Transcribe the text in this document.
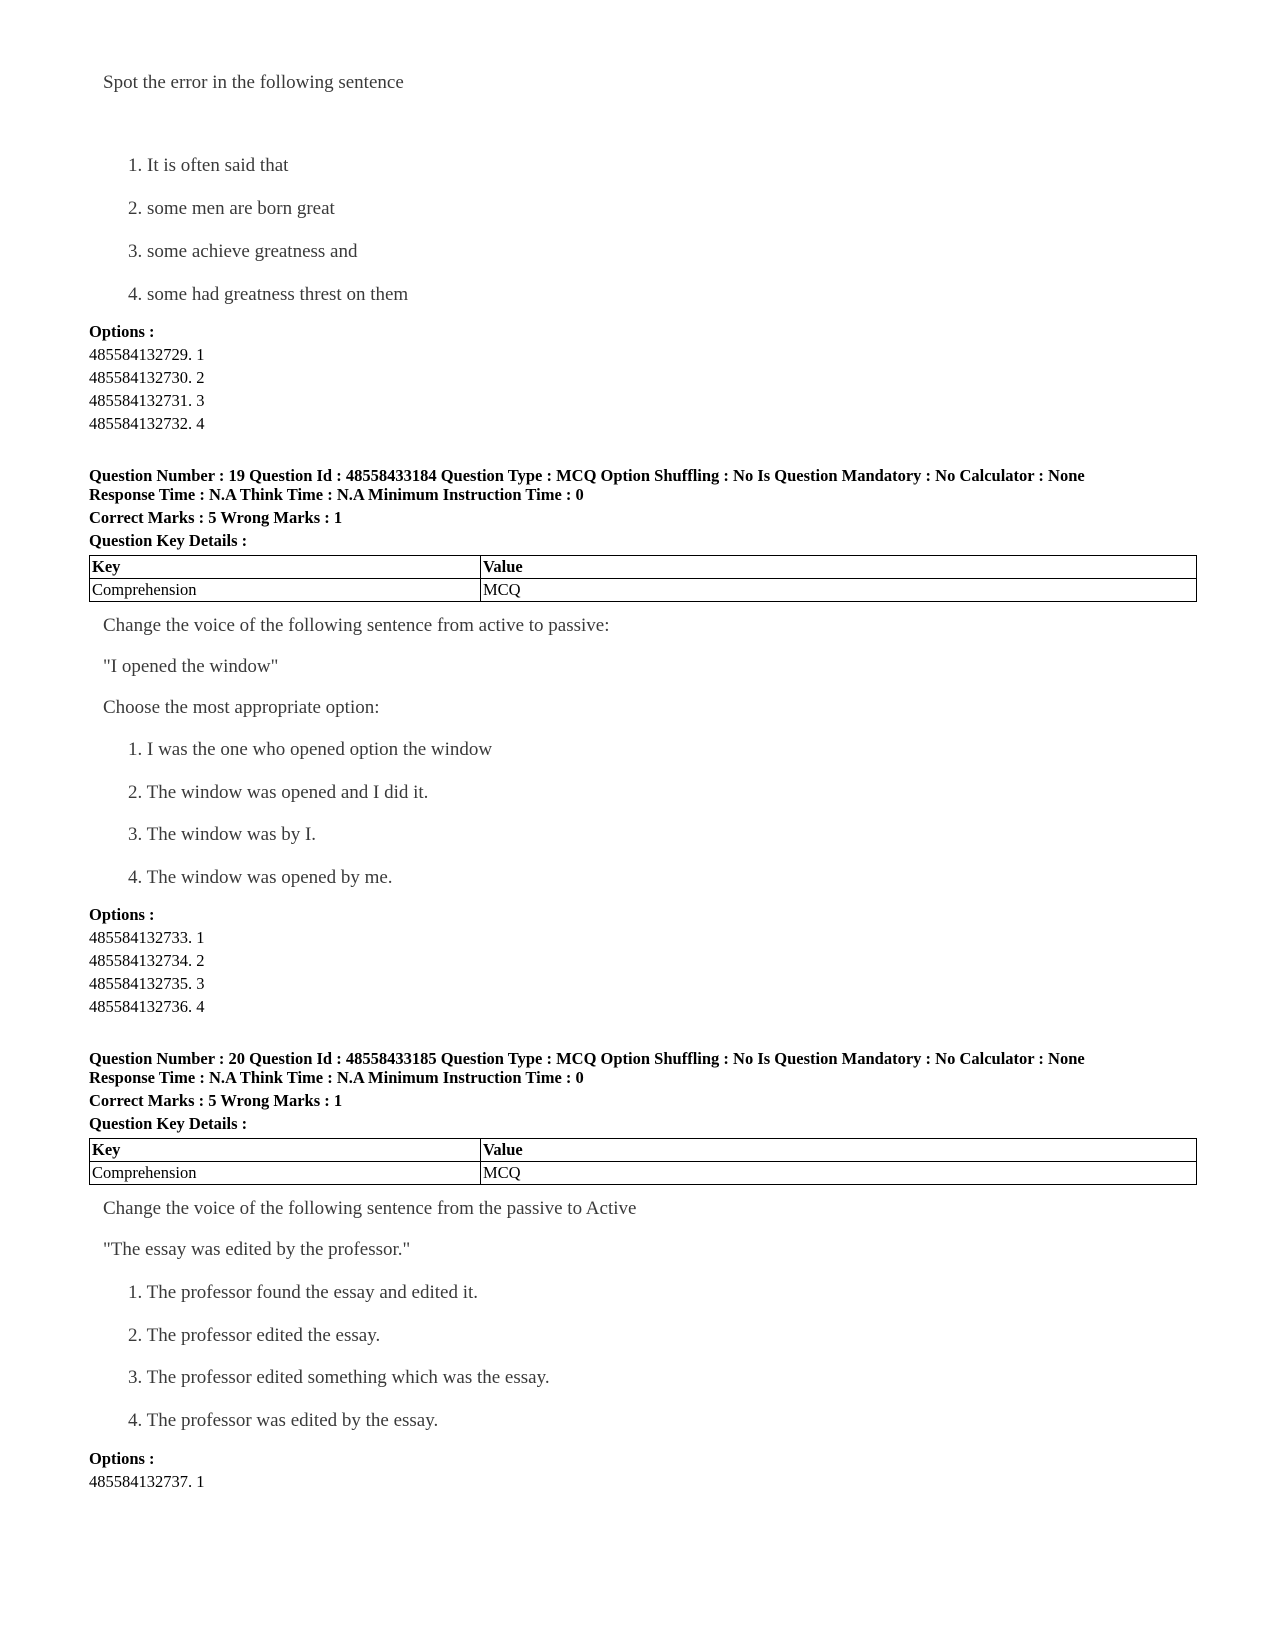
Spot the error in the following sentence
1. It is often said that
2. some men are born great
3. some achieve greatness and
4. some had greatness threst on them
Options :
485584132729. 1
485584132730. 2
485584132731. 3
485584132732. 4
Question Number : 19 Question Id : 48558433184 Question Type : MCQ Option Shuffling : No Is Question Mandatory : No Calculator : None
Response Time : N.A Think Time : N.A Minimum Instruction Time : 0
Correct Marks : 5 Wrong Marks : 1
Question Key Details :
Key	Value
Comprehension	MCQ
Change the voice of the following sentence from active to passive:
"I opened the window"
Choose the most appropriate option:
1. I was the one who opened option the window
2. The window was opened and I did it.
3. The window was by I.
4. The window was opened by me.
Options :
485584132733. 1
485584132734. 2
485584132735. 3
485584132736. 4
Question Number : 20 Question Id : 48558433185 Question Type : MCQ Option Shuffling : No Is Question Mandatory : No Calculator : None
Response Time : N.A Think Time : N.A Minimum Instruction Time : 0
Correct Marks : 5 Wrong Marks : 1
Question Key Details :
Key	Value
Comprehension	MCQ
Change the voice of the following sentence from the passive to Active
"The essay was edited by the professor."
1. The professor found the essay and edited it.
2. The professor edited the essay.
3. The professor edited something which was the essay.
4. The professor was edited by the essay.
Options :
485584132737. 1
